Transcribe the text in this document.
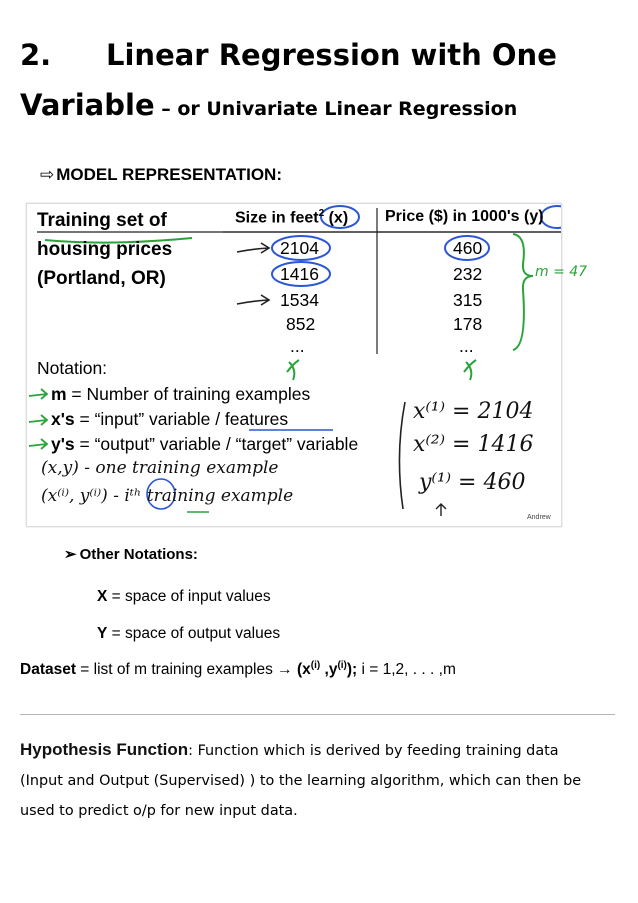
2. Linear Regression with One
Variable – or Univariate Linear Regression
⇨ MODEL REPRESENTATION:
Training set of
housing prices
(Portland, OR)
Size in feet$^2$ (x) Price ($) in 1000's (y)
2104
1416
1534
852
...
460
232
315
178
...
m = 47
Notation:
m = Number of training examples
x's = “input” variable / features
y's = “output” variable / “target” variable
(x,y) - one training example
(x⁽ⁱ⁾, y⁽ⁱ⁾) - iᵗʰ training example
x⁽¹⁾ = 2104
x⁽²⁾ = 1416
y⁽¹⁾ = 460
Andrew
➢ Other Notations:
X = space of input values
Y = space of output values
Dataset = list of m training examples → ($x^{(i)}$ $,y^{(i)}$); i = 1,2, . . . ,m
Hypothesis Function: Function which is derived by feeding training data (Input and Output (Supervised) ) to the learning algorithm, which can then be used to predict o/p for new input data.
